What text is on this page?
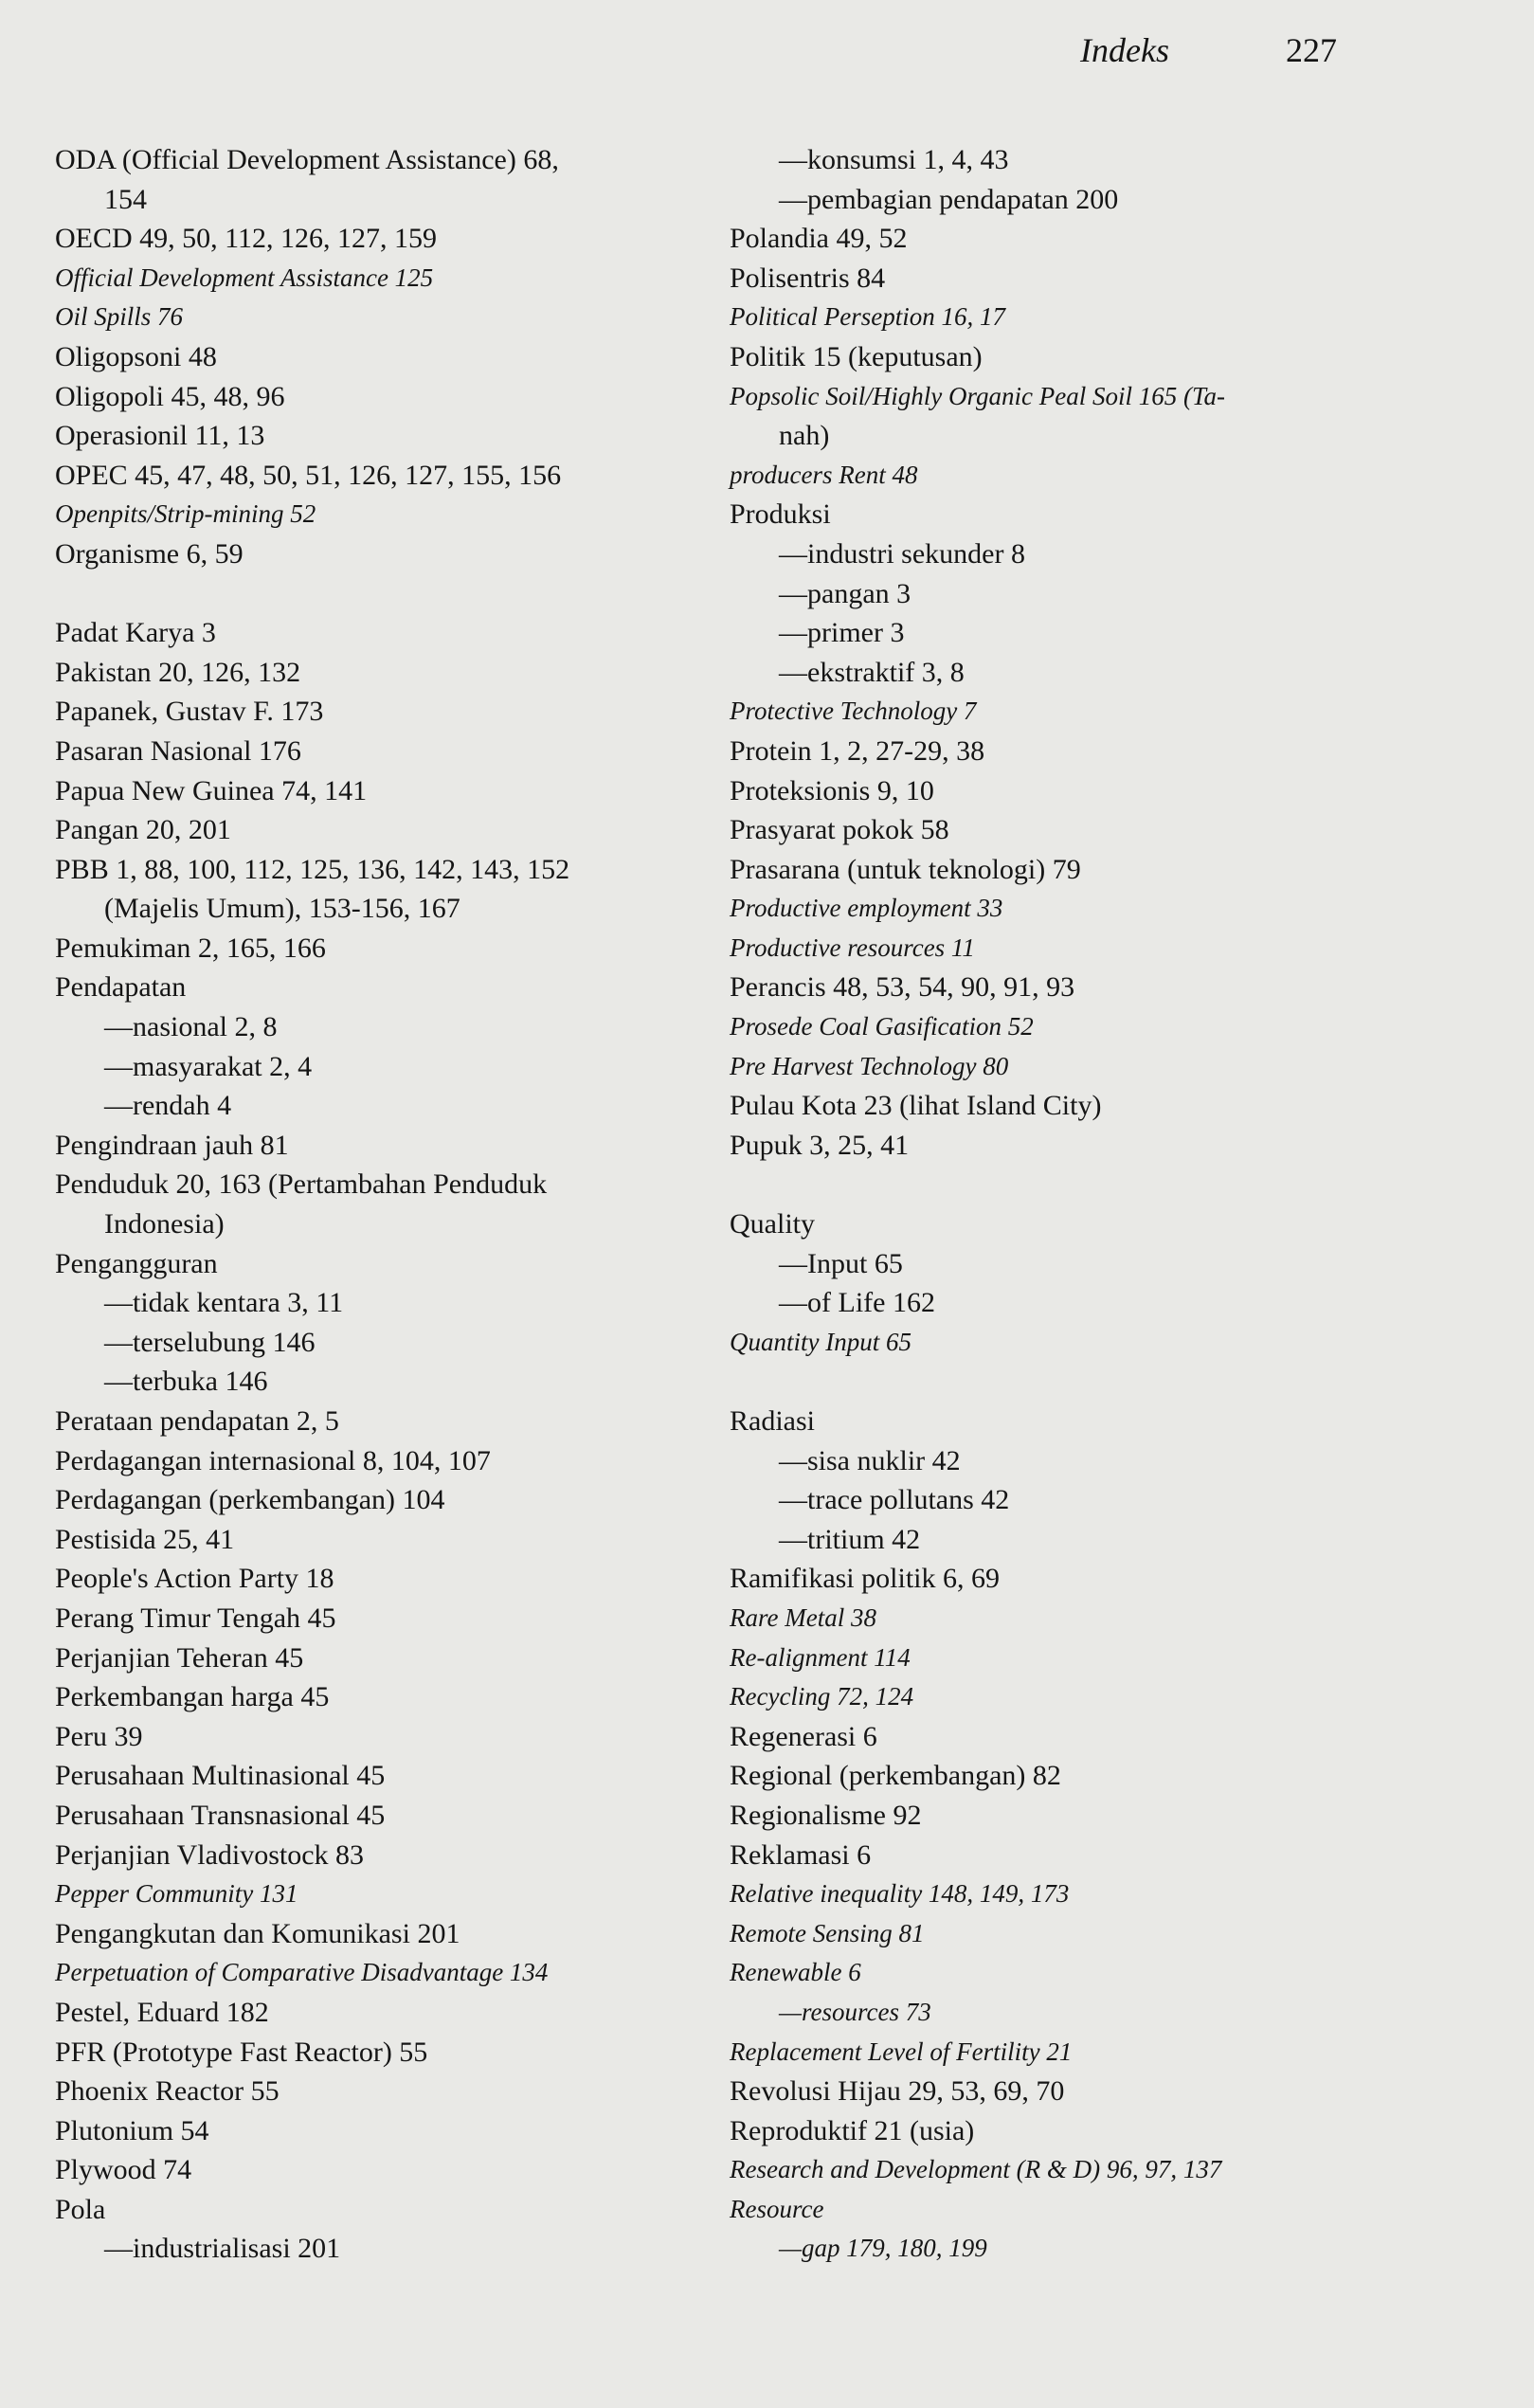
Indeks	227
ODA (Official Development Assistance) 68,
154
OECD 49, 50, 112, 126, 127, 159
Official Development Assistance 125
Oil Spills 76
Oligopsoni 48
Oligopoli 45, 48, 96
Operasionil 11, 13
OPEC 45, 47, 48, 50, 51, 126, 127, 155, 156
Openpits/Strip-mining 52
Organisme 6, 59
Padat Karya 3
Pakistan 20, 126, 132
Papanek, Gustav F. 173
Pasaran Nasional 176
Papua New Guinea 74, 141
Pangan 20, 201
PBB 1, 88, 100, 112, 125, 136, 142, 143, 152
(Majelis Umum), 153-156, 167
Pemukiman 2, 165, 166
Pendapatan
—nasional 2, 8
—masyarakat 2, 4
—rendah 4
Pengindraan jauh 81
Penduduk 20, 163 (Pertambahan Penduduk
Indonesia)
Pengangguran
—tidak kentara 3, 11
—terselubung 146
—terbuka 146
Perataan pendapatan 2, 5
Perdagangan internasional 8, 104, 107
Perdagangan (perkembangan) 104
Pestisida 25, 41
People's Action Party 18
Perang Timur Tengah 45
Perjanjian Teheran 45
Perkembangan harga 45
Peru 39
Perusahaan Multinasional 45
Perusahaan Transnasional 45
Perjanjian Vladivostock 83
Pepper Community 131
Pengangkutan dan Komunikasi 201
Perpetuation of Comparative Disadvantage 134
Pestel, Eduard 182
PFR (Prototype Fast Reactor) 55
Phoenix Reactor 55
Plutonium 54
Plywood 74
Pola
—industrialisasi 201
—konsumsi 1, 4, 43
—pembagian pendapatan 200
Polandia 49, 52
Polisentris 84
Political Perseption 16, 17
Politik 15 (keputusan)
Popsolic Soil/Highly Organic Peal Soil 165 (Ta-
nah)
producers Rent 48
Produksi
—industri sekunder 8
—pangan 3
—primer 3
—ekstraktif 3, 8
Protective Technology 7
Protein 1, 2, 27-29, 38
Proteksionis 9, 10
Prasyarat pokok 58
Prasarana (untuk teknologi) 79
Productive employment 33
Productive resources 11
Perancis 48, 53, 54, 90, 91, 93
Prosede Coal Gasification 52
Pre Harvest Technology 80
Pulau Kota 23 (lihat Island City)
Pupuk 3, 25, 41
Quality
—Input 65
—of Life 162
Quantity Input 65
Radiasi
—sisa nuklir 42
—trace pollutans 42
—tritium 42
Ramifikasi politik 6, 69
Rare Metal 38
Re-alignment 114
Recycling 72, 124
Regenerasi 6
Regional (perkembangan) 82
Regionalisme 92
Reklamasi 6
Relative inequality 148, 149, 173
Remote Sensing 81
Renewable 6
—resources 73
Replacement Level of Fertility 21
Revolusi Hijau 29, 53, 69, 70
Reproduktif 21 (usia)
Research and Development (R & D) 96, 97, 137
Resource
—gap 179, 180, 199
